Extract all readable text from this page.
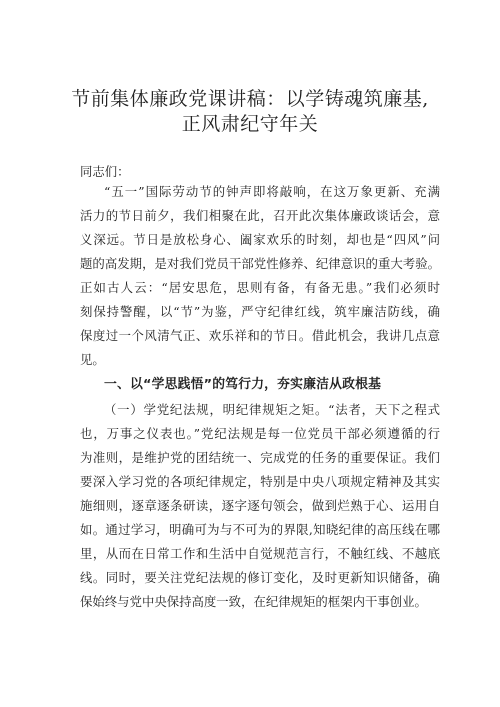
节前集体廉政党课讲稿：以学铸魂筑廉基,
正风肃纪守年关
同志们：
“五一”国际劳动节的钟声即将敲响，在这万象更新、充满
活力的节日前夕，我们相聚在此，召开此次集体廉政谈话会，意
义深远。节日是放松身心、阖家欢乐的时刻，却也是“四风”问
题的高发期，是对我们党员干部党性修养、纪律意识的重大考验。
正如古人云：“居安思危，思则有备，有备无患。”我们必须时
刻保持警醒，以“节”为鉴，严守纪律红线，筑牢廉洁防线，确
保度过一个风清气正、欢乐祥和的节日。借此机会，我讲几点意
见。
一、以“学思践悟”的笃行力，夯实廉洁从政根基
（一）学党纪法规，明纪律规矩之矩。“法者，天下之程式
也，万事之仪表也。”党纪法规是每一位党员干部必须遵循的行
为准则，是维护党的团结统一、完成党的任务的重要保证。我们
要深入学习党的各项纪律规定，特别是中央八项规定精神及其实
施细则，逐章逐条研读，逐字逐句领会，做到烂熟于心、运用自
如。通过学习，明确可为与不可为的界限,知晓纪律的高压线在哪
里，从而在日常工作和生活中自觉规范言行，不触红线、不越底
线。同时，要关注党纪法规的修订变化，及时更新知识储备，确
保始终与党中央保持高度一致，在纪律规矩的框架内干事创业。
